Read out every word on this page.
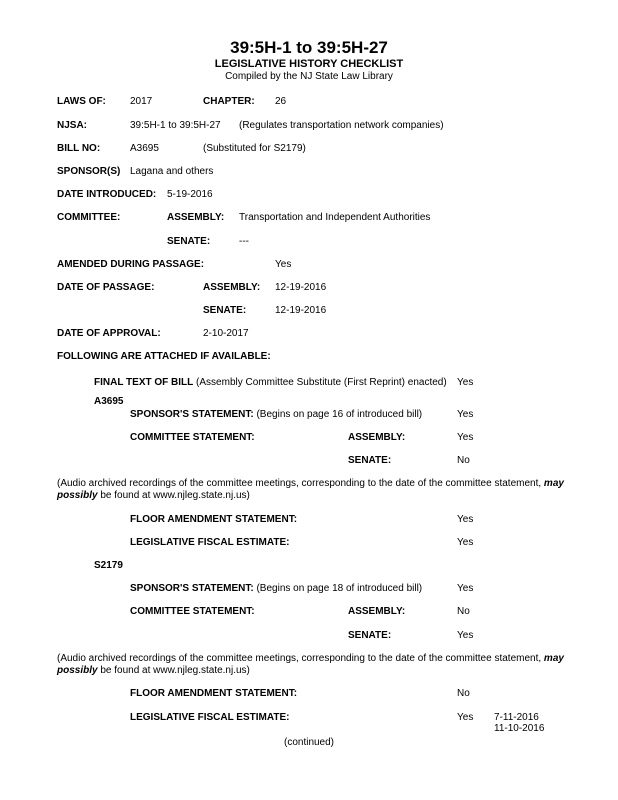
39:5H-1 to 39:5H-27
LEGISLATIVE HISTORY CHECKLIST
Compiled by the NJ State Law Library
LAWS OF: 2017	CHAPTER: 26
NJSA:	39:5H-1 to 39:5H-27 (Regulates transportation network companies)
BILL NO:	A3695	(Substituted for S2179)
SPONSOR(S) Lagana and others
DATE INTRODUCED: 5-19-2016
COMMITTEE:	ASSEMBLY: Transportation and Independent Authorities
SENATE:	---
AMENDED DURING PASSAGE:	Yes
DATE OF PASSAGE:	ASSEMBLY: 12-19-2016
SENATE:	12-19-2016
DATE OF APPROVAL:	2-10-2017
FOLLOWING ARE ATTACHED IF AVAILABLE:
FINAL TEXT OF BILL (Assembly Committee Substitute (First Reprint) enacted) Yes
A3695
SPONSOR'S STATEMENT: (Begins on page 16 of introduced bill)	Yes
COMMITTEE STATEMENT:	ASSEMBLY:	Yes
SENATE:	No
(Audio archived recordings of the committee meetings, corresponding to the date of the committee statement, may possibly be found at www.njleg.state.nj.us)
FLOOR AMENDMENT STATEMENT:	Yes
LEGISLATIVE FISCAL ESTIMATE:	Yes
S2179
SPONSOR'S STATEMENT: (Begins on page 18 of introduced bill)	Yes
COMMITTEE STATEMENT:	ASSEMBLY:	No
SENATE:	Yes
(Audio archived recordings of the committee meetings, corresponding to the date of the committee statement, may possibly be found at www.njleg.state.nj.us)
FLOOR AMENDMENT STATEMENT:	No
LEGISLATIVE FISCAL ESTIMATE:	Yes 7-11-2016
11-10-2016
(continued)
